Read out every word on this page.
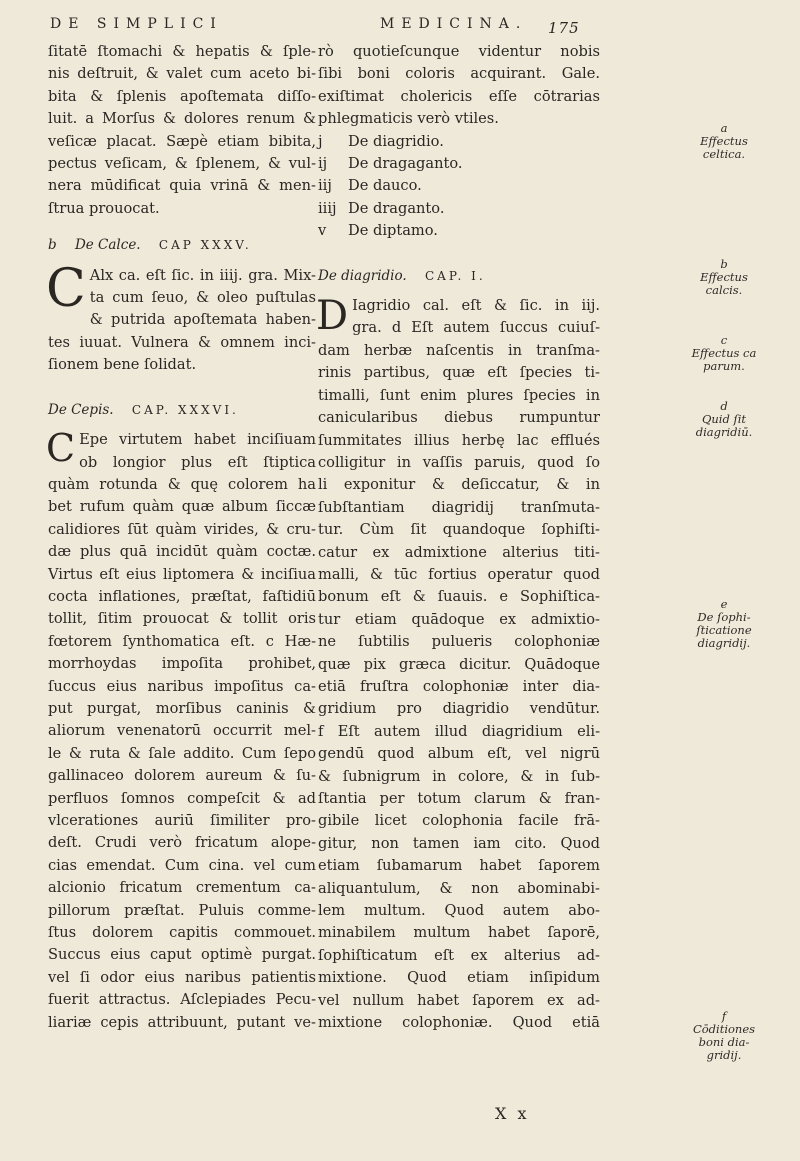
DE SIMPLICI	MEDICINA. 175
ſitatē ſtomachi & hepatis & ſple-
nis deſtruit, & valet cum aceto bi-
bita & ſplenis apoſtemata diſſo-
luit. a Morſus & dolores renum &
veſicæ placat. Sæpè etiam bibita,
pectus veſicam, & ſplenem, & vul-
nera mūdificat quia vrinā & men-
ſtrua prouocat.
b De Calce. CAP XXXV.
C Alx ca. eſt ſic. in iiij. gra. Mix-
ta cum ſeuo, & oleo puſtulas
& putrida apoſtemata haben-
tes iuuat. Vulnera & omnem inci-
ſionem bene ſolidat.
De Cepis. CAP. XXXVI.
C Epe virtutem habet inciſiuam
ob longior plus eſt ſtiptica
quàm rotunda & quę colorem ha
bet rufum quàm quæ album ſiccæ
calidiores ſūt quàm virides, & cru-
dæ plus quā incidūt quàm coctæ.
Virtus eſt eius liptomera & inciſiua
cocta inflationes, præſtat, faſtidiū
tollit, ſitim prouocat & tollit oris
fœtorem ſynthomatica eſt. c Hæ-
morrhoydas impoſita prohibet,
ſuccus eius naribus impoſitus ca-
put purgat, morſibus caninis &
aliorum venenatorū occurrit mel-
le & ruta & ſale addito. Cum ſepo
gallinaceo dolorem aureum & ſu-
perfluos ſomnos compeſcit & ad
vlcerationes auriū ſimiliter pro-
deſt. Crudi verò fricatum alope-
cias emendat. Cum cina. vel cum
alcionio fricatum crementum ca-
pillorum præſtat. Puluis comme-
ſtus dolorem capitis commouet.
Succus eius caput optimè purgat.
vel ſi odor eius naribus patientis
fuerit attractus. Aſclepiades Pecu-
liariæ cepis attribuunt, putant ve-
rò quotieſcunque videntur nobis
ſibi boni coloris acquirant. Gale.
exiſtimat cholericis eſſe cōtrarias
phlegmaticis verò vtiles.
j De diagridio.
ij De dragaganto.
iij De dauco.
iiij De draganto.
v De diptamo.
De diagridio. CAP. I.
D Iagridio cal. eſt & ſic. in iij.
gra. d Eſt autem ſuccus cuiuſ-
dam herbæ naſcentis in tranſma-
rinis partibus, quæ eſt ſpecies ti-
timalli, ſunt enim plures ſpecies in
canicularibus diebus rumpuntur
ſummitates illius herbę lac efflués
colligitur in vaſſis paruis, quod ſo
li exponitur & deſiccatur, & in
ſubſtantiam diagridij tranſmuta-
tur. Cùm ſit quandoque ſophiſti-
catur ex admixtione alterius titi-
malli, & tūc fortius operatur quod
bonum eſt & ſuauis. e Sophiſtica-
tur etiam quādoque ex admixtio-
ne ſubtilis pulueris colophoniæ
quæ pix græca dicitur. Quādoque
etiā fruſtra colophoniæ inter dia-
gridium pro diagridio vendūtur.
f Eſt autem illud diagridium eli-
gendū quod album eſt, vel nigrū
& ſubnigrum in colore, & in ſub-
ſtantia per totum clarum & fran-
gibile licet colophonia facile frā-
gitur, non tamen iam cito. Quod
etiam ſubamarum habet ſaporem
aliquantulum, & non abominabi-
lem multum. Quod autem abo-
minabilem multum habet ſaporē,
ſophiſticatum eſt ex alterius ad-
mixtione. Quod etiam inſipidum
vel nullum habet ſaporem ex ad-
mixtione colophoniæ. Quod etiā
X x
a
Effectus
celtica.
b
Effectus
calcis.
c
Effectus ca
parum.
d
Quid ſit
diagridiū.
e
De ſophi-
ſticatione
diagridij.
f
Cōditiones
boni dia-
gridij.
